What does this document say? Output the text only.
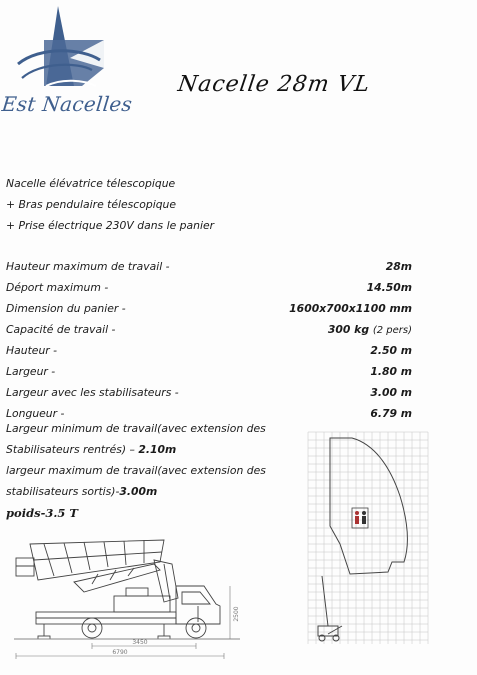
Est Nacelles
Nacelle 28m VL
Nacelle élévatrice télescopique
+ Bras pendulaire télescopique
+ Prise électrique 230V dans le panier
Hauteur maximum de travail -	28m
Déport maximum -	14.50m
Dimension du panier -	1600x700x1100 mm
Capacité de travail -	300 kg (2 pers)
Hauteur -	2.50 m
Largeur -	1.80 m
Largeur avec les stabilisateurs -	3.00 m
Longueur -	6.79 m
Largeur minimum de travail(avec extension des
Stabilisateurs rentrés) – 2.10m
largeur maximum de travail(avec extension des
stabilisateurs sortis)-3.00m
poids-3.5 T
3450
6790
2500
